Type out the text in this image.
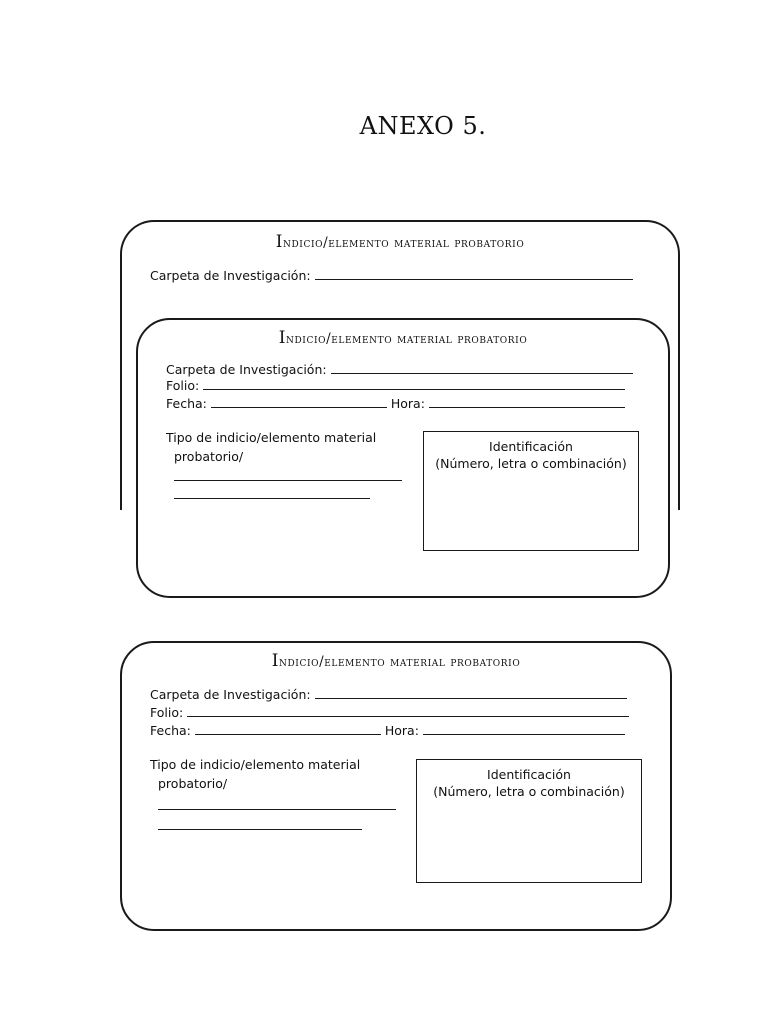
ANEXO 5.
Indicio/elemento material probatorio
Carpeta de Investigación:
Indicio/elemento material probatorio
Carpeta de Investigación:
Folio:
Fecha:	Hora:
Tipo de indicio/elemento material
probatorio/
Identificación
(Número, letra o combinación)
Indicio/elemento material probatorio
Carpeta de Investigación:
Folio:
Fecha:	Hora:
Tipo de indicio/elemento material
probatorio/
Identificación
(Número, letra o combinación)
